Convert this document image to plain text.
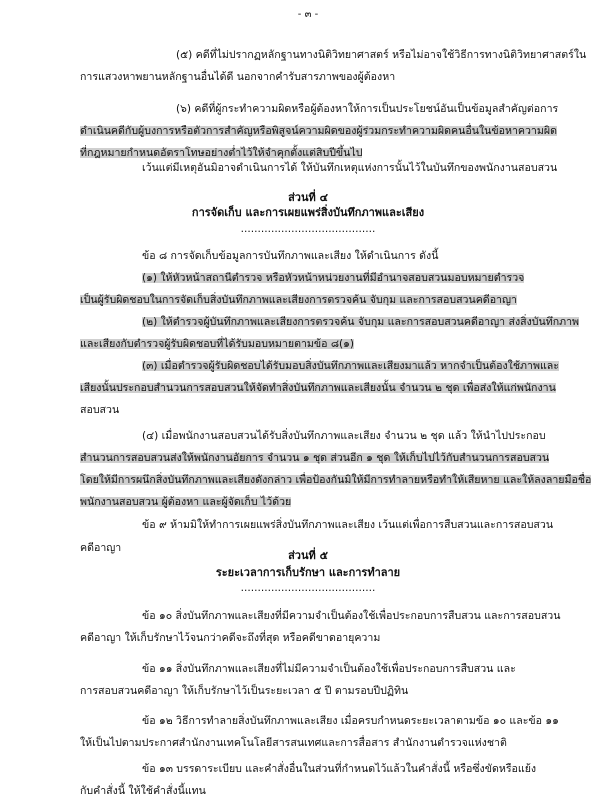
- ๓ -
(๕) คดีที่ไม่ปรากฏหลักฐานทางนิติวิทยาศาสตร์ หรือไม่อาจใช้วิธีการทางนิติวิทยาศาสตร์ใน
การแสวงหาพยานหลักฐานอื่นได้ดี นอกจากคำรับสารภาพของผู้ต้องหา
(๖) คดีที่ผู้กระทำความผิดหรือผู้ต้องหาให้การเป็นประโยชน์อันเป็นข้อมูลสำคัญต่อการ
ดำเนินคดีกับผู้บงการหรือตัวการสำคัญหรือพิสูจน์ความผิดของผู้ร่วมกระทำความผิดคนอื่นในข้อหาความผิด
ที่กฎหมายกำหนดอัตราโทษอย่างต่ำไว้ให้จำคุกตั้งแต่สิบปีขึ้นไป
เว้นแต่มีเหตุอันมิอาจดำเนินการได้ ให้บันทึกเหตุแห่งการนั้นไว้ในบันทึกของพนักงานสอบสวน
ส่วนที่ ๔
การจัดเก็บ และการเผยแพร่สิ่งบันทึกภาพและเสียง
........................................
ข้อ ๘ การจัดเก็บข้อมูลการบันทึกภาพและเสียง ให้ดำเนินการ ดังนี้
(๑) ให้หัวหน้าสถานีตำรวจ หรือหัวหน้าหน่วยงานที่มีอำนาจสอบสวนมอบหมายตำรวจ
เป็นผู้รับผิดชอบในการจัดเก็บสิ่งบันทึกภาพและเสียงการตรวจค้น จับกุม และการสอบสวนคดีอาญา
(๒) ให้ตำรวจผู้บันทึกภาพและเสียงการตรวจค้น จับกุม และการสอบสวนคดีอาญา ส่งสิ่งบันทึกภาพ
และเสียงกับตำรวจผู้รับผิดชอบที่ได้รับมอบหมายตามข้อ ๘(๑)
(๓) เมื่อตำรวจผู้รับผิดชอบได้รับมอบสิ่งบันทึกภาพและเสียงมาแล้ว หากจำเป็นต้องใช้ภาพและ
เสียงนั้นประกอบสำนวนการสอบสวนให้จัดทำสิ่งบันทึกภาพและเสียงนั้น จำนวน ๒ ชุด เพื่อส่งให้แก่พนักงาน
สอบสวน
(๔) เมื่อพนักงานสอบสวนได้รับสิ่งบันทึกภาพและเสียง จำนวน ๒ ชุด แล้ว ให้นำไปประกอบ
สำนวนการสอบสวนส่งให้พนักงานอัยการ จำนวน ๑ ชุด ส่วนอีก ๑ ชุด ให้เก็บไปไว้กับสำนวนการสอบสวน
โดยให้มีการผนึกสิ่งบันทึกภาพและเสียงดังกล่าว เพื่อป้องกันมิให้มีการทำลายหรือทำให้เสียหาย และให้ลงลายมือชื่อ
พนักงานสอบสวน ผู้ต้องหา และผู้จัดเก็บ ไว้ด้วย
ข้อ ๙ ห้ามมิให้ทำการเผยแพร่สิ่งบันทึกภาพและเสียง เว้นแต่เพื่อการสืบสวนและการสอบสวน
คดีอาญา
ส่วนที่ ๕
ระยะเวลาการเก็บรักษา และการทำลาย
........................................
ข้อ ๑๐ สิ่งบันทึกภาพและเสียงที่มีความจำเป็นต้องใช้เพื่อประกอบการสืบสวน และการสอบสวน
คดีอาญา ให้เก็บรักษาไว้จนกว่าคดีจะถึงที่สุด หรือคดีขาดอายุความ
ข้อ ๑๑ สิ่งบันทึกภาพและเสียงที่ไม่มีความจำเป็นต้องใช้เพื่อประกอบการสืบสวน และ
การสอบสวนคดีอาญา ให้เก็บรักษาไว้เป็นระยะเวลา ๕ ปี ตามรอบปีปฏิทิน
ข้อ ๑๒ วิธีการทำลายสิ่งบันทึกภาพและเสียง เมื่อครบกำหนดระยะเวลาตามข้อ ๑๐ และข้อ ๑๑
ให้เป็นไปตามประกาศสำนักงานเทคโนโลยีสารสนเทศและการสื่อสาร สำนักงานตำรวจแห่งชาติ
ข้อ ๑๓ บรรดาระเบียบ และคำสั่งอื่นในส่วนที่กำหนดไว้แล้วในคำสั่งนี้ หรือซึ่งขัดหรือแย้ง
กับคำสั่งนี้ ให้ใช้คำสั่งนี้แทน
